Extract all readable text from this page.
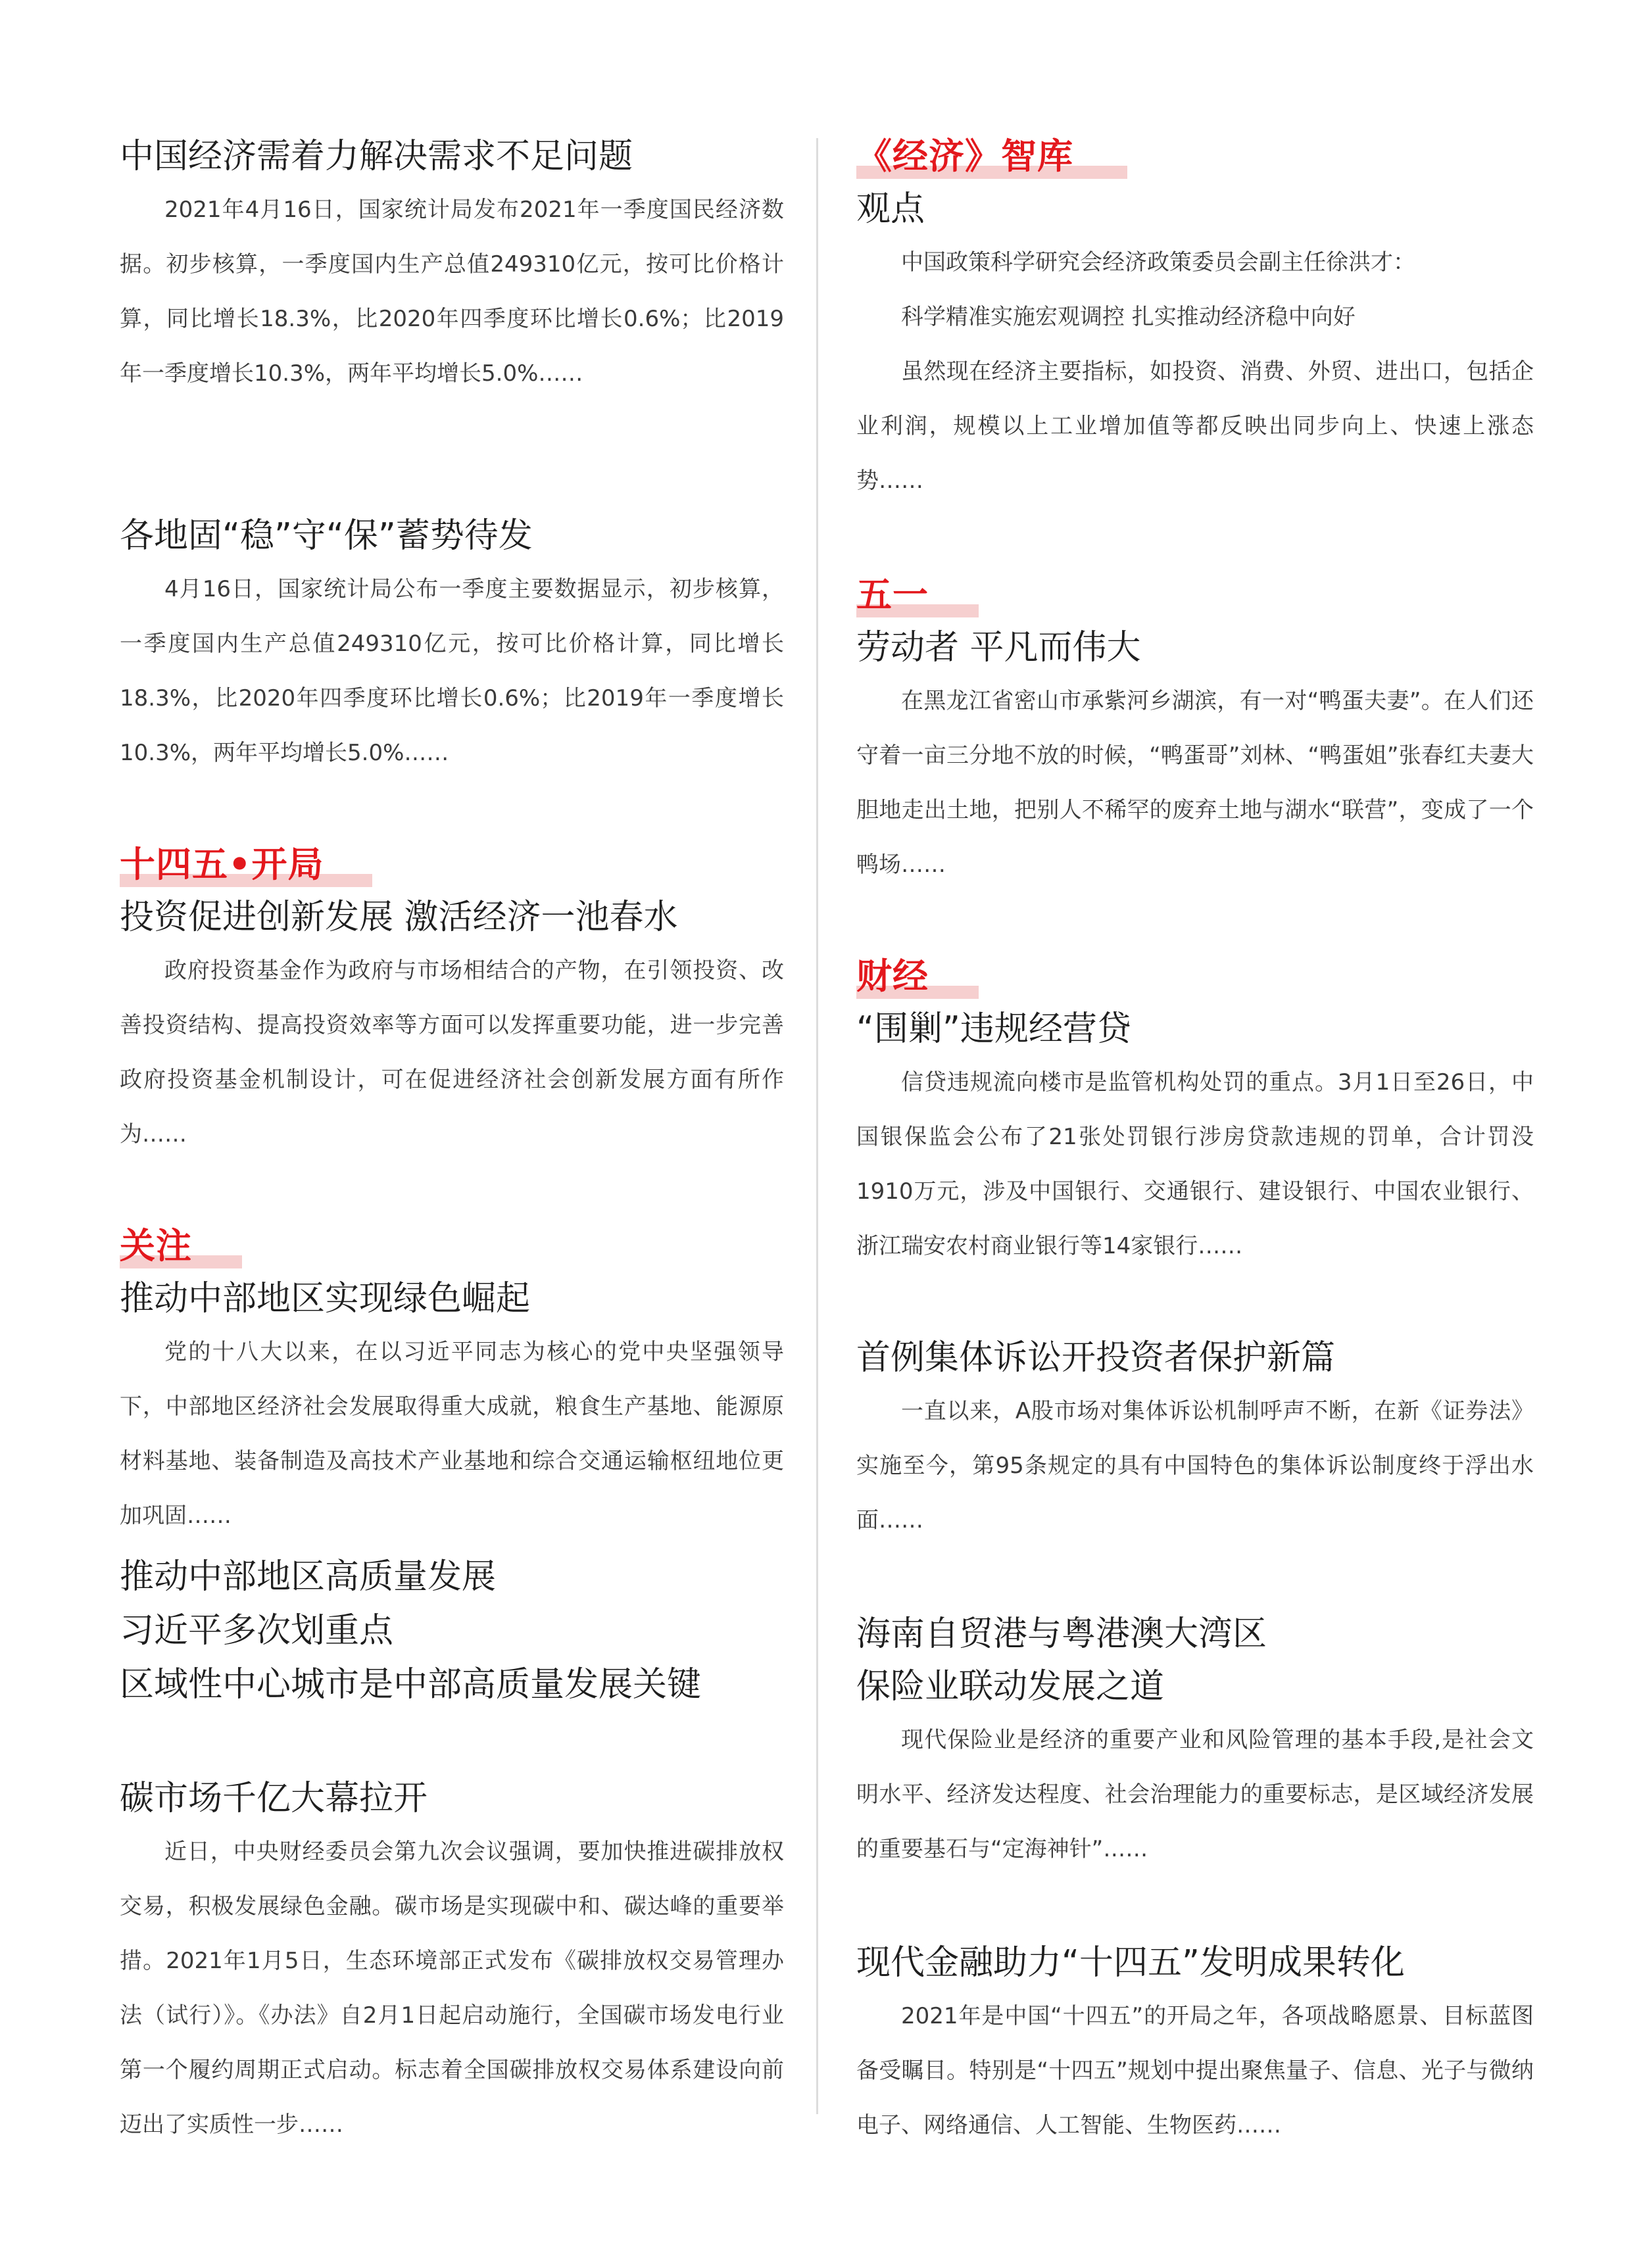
中国经济需着力解决需求不足问题

2021年4月16日，国家统计局发布2021年一季度国民经济数据。初步核算，一季度国内生产总值249310亿元，按可比价格计算，同比增长18.3%，比2020年四季度环比增长0.6%；比2019年一季度增长10.3%，两年平均增长5.0%……

各地固“稳”守“保”蓄势待发

4月16日，国家统计局公布一季度主要数据显示，初步核算，一季度国内生产总值249310亿元，按可比价格计算，同比增长18.3%，比2020年四季度环比增长0.6%；比2019年一季度增长10.3%，两年平均增长5.0%……

十四五•开局
投资促进创新发展 激活经济一池春水

政府投资基金作为政府与市场相结合的产物，在引领投资、改善投资结构、提高投资效率等方面可以发挥重要功能，进一步完善政府投资基金机制设计，可在促进经济社会创新发展方面有所作为……

关注
推动中部地区实现绿色崛起

党的十八大以来，在以习近平同志为核心的党中央坚强领导下，中部地区经济社会发展取得重大成就，粮食生产基地、能源原材料基地、装备制造及高技术产业基地和综合交通运输枢纽地位更加巩固……

推动中部地区高质量发展
习近平多次划重点
区域性中心城市是中部高质量发展关键
碳市场千亿大幕拉开

近日，中央财经委员会第九次会议强调，要加快推进碳排放权交易，积极发展绿色金融。碳市场是实现碳中和、碳达峰的重要举措。2021年1月5日，生态环境部正式发布《碳排放权交易管理办法（试行）》。《办法》自2月1日起启动施行，全国碳市场发电行业第一个履约周期正式启动。标志着全国碳排放权交易体系建设向前迈出了实质性一步……

《经济》智库
观点

中国政策科学研究会经济政策委员会副主任徐洪才：

科学精准实施宏观调控 扎实推动经济稳中向好

虽然现在经济主要指标，如投资、消费、外贸、进出口，包括企业利润，规模以上工业增加值等都反映出同步向上、快速上涨态势……

五一
劳动者 平凡而伟大

在黑龙江省密山市承紫河乡湖滨，有一对“鸭蛋夫妻”。在人们还守着一亩三分地不放的时候，“鸭蛋哥”刘林、“鸭蛋姐”张春红夫妻大胆地走出土地，把别人不稀罕的废弃土地与湖水“联营”，变成了一个鸭场……

财经
“围剿”违规经营贷

信贷违规流向楼市是监管机构处罚的重点。3月1日至26日，中国银保监会公布了21张处罚银行涉房贷款违规的罚单，合计罚没1910万元，涉及中国银行、交通银行、建设银行、中国农业银行、浙江瑞安农村商业银行等14家银行……

首例集体诉讼开投资者保护新篇

一直以来，A股市场对集体诉讼机制呼声不断，在新《证券法》实施至今，第95条规定的具有中国特色的集体诉讼制度终于浮出水面……

海南自贸港与粤港澳大湾区
保险业联动发展之道

现代保险业是经济的重要产业和风险管理的基本手段,是社会文明水平、经济发达程度、社会治理能力的重要标志，是区域经济发展的重要基石与“定海神针”……

现代金融助力“十四五”发明成果转化

2021年是中国“十四五”的开局之年，各项战略愿景、目标蓝图备受瞩目。特别是“十四五”规划中提出聚焦量子、信息、光子与微纳电子、网络通信、人工智能、生物医药……
